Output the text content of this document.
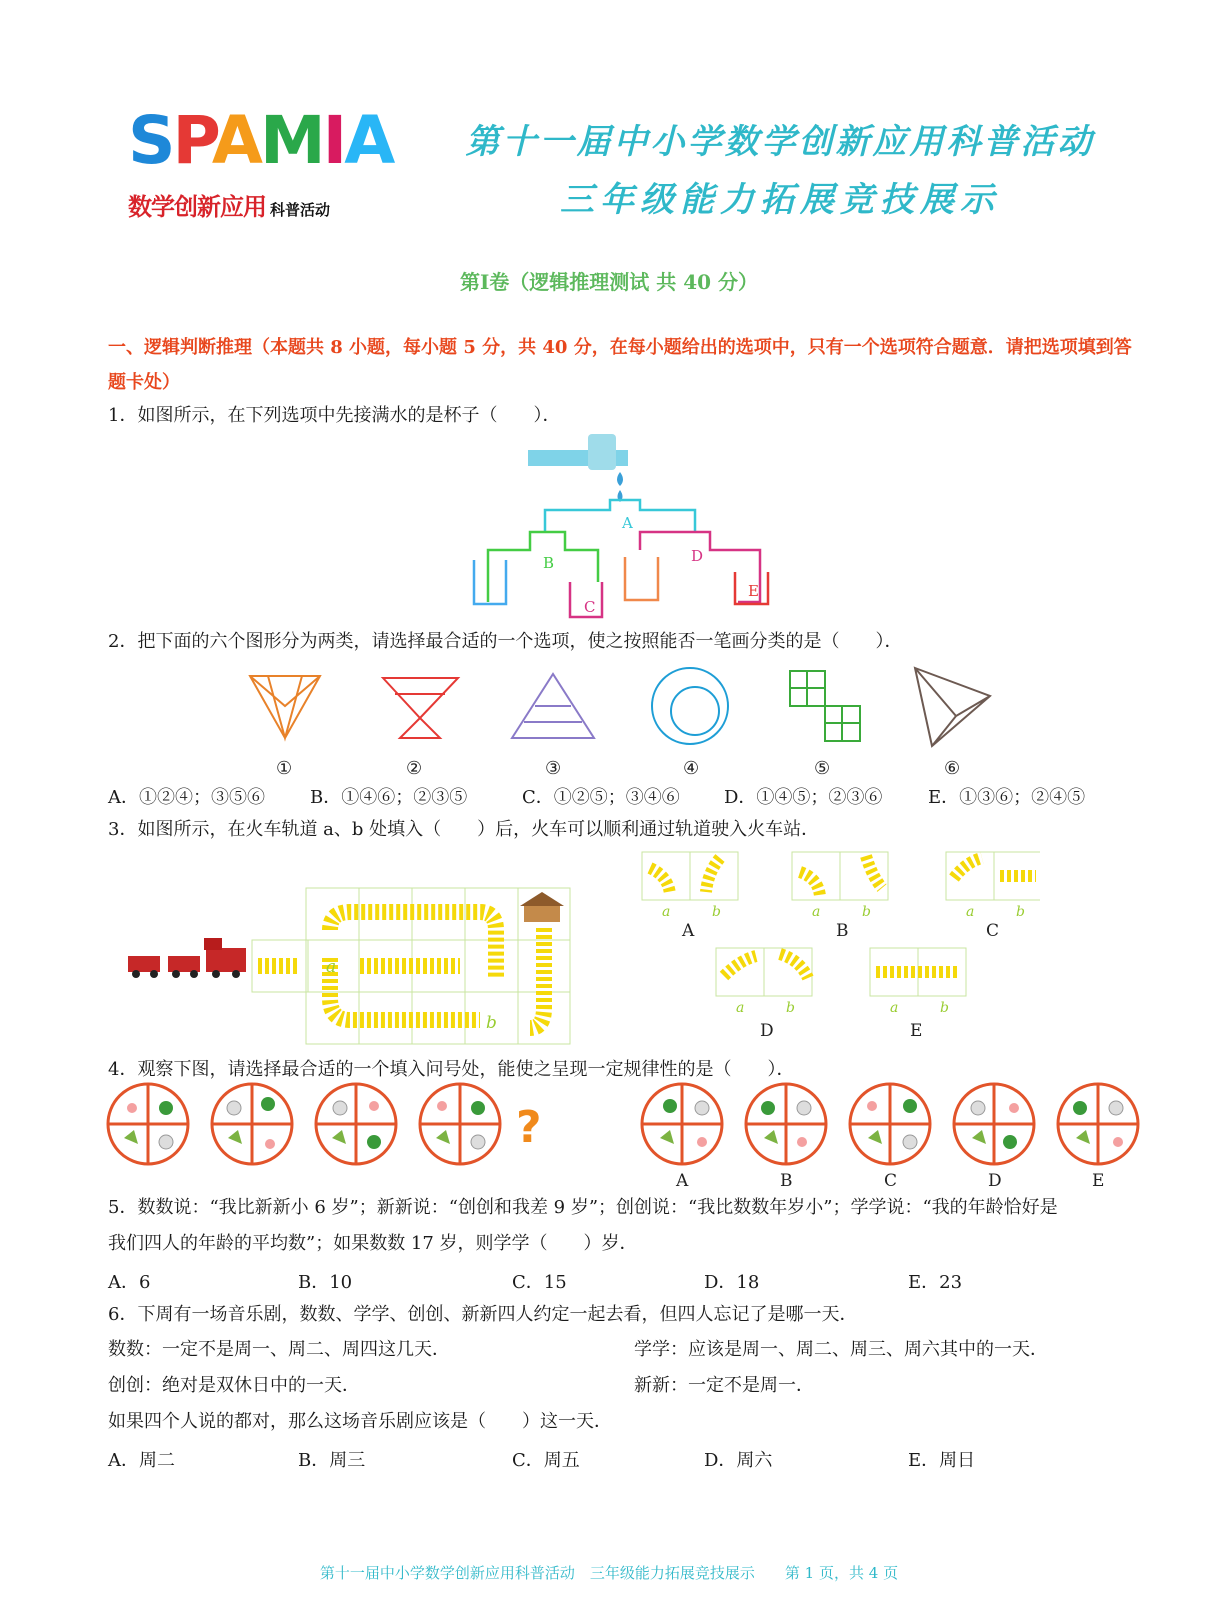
SPAMIA
数学创新应用 科普活动
第十一届中小学数学创新应用科普活动
三年级能力拓展竞技展示
第Ⅰ卷（逻辑推理测试 共 40 分）
一、逻辑判断推理（本题共 8 小题，每小题 5 分，共 40 分，在每小题给出的选项中，只有一个选项符合题意．请把选项填到答题卡处）
1．如图所示，在下列选项中先接满水的是杯子（　　）．
A
B
C
D
E
2．把下面的六个图形分为两类，请选择最合适的一个选项，使之按照能否一笔画分类的是（　　）．
①	②	③	④	⑤	⑥
A．①②④；③⑤⑥	B．①④⑥；②③⑤	C．①②⑤；③④⑥ D．①④⑤；②③⑥	E．①③⑥；②④⑤
3．如图所示，在火车轨道 a、b 处填入（　　）后，火车可以顺利通过轨道驶入火车站．
a
b
a	b	a	b	a	b
a	b	a	b
A	B	C
D	E
4．观察下图，请选择最合适的一个填入问号处，能使之呈现一定规律性的是（　　）．
?
A	B	C	D	E
5．数数说：“我比新新小 6 岁”；新新说：“创创和我差 9 岁”；创创说：“我比数数年岁小”；学学说：“我的年龄恰好是
我们四人的年龄的平均数”；如果数数 17 岁，则学学（　　）岁．
A．6	B．10	C．15	D．18	E．23
6．下周有一场音乐剧，数数、学学、创创、新新四人约定一起去看，但四人忘记了是哪一天．
数数：一定不是周一、周二、周四这几天．	学学：应该是周一、周二、周三、周六其中的一天．
创创：绝对是双休日中的一天．	新新：一定不是周一．
如果四个人说的都对，那么这场音乐剧应该是（　　）这一天．
A．周二	B．周三	C．周五	D．周六	E．周日
第十一届中小学数学创新应用科普活动　三年级能力拓展竞技展示　　第 1 页，共 4 页
